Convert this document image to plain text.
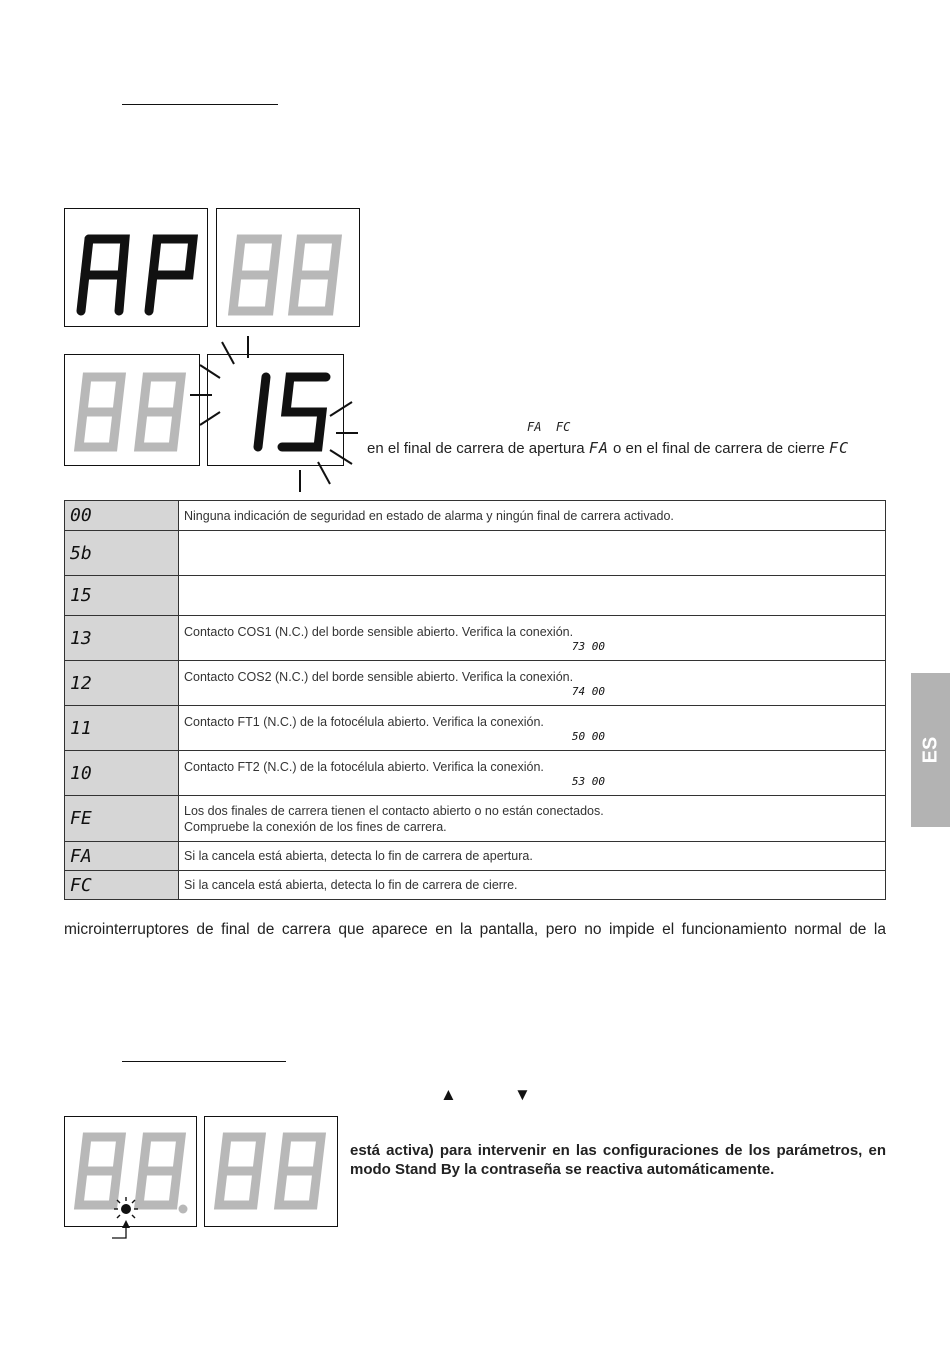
FA  FC
en el final de carrera de apertura FA o en el final de carrera de cierre FC
00	Ninguna indicación de seguridad en estado de alarma y ningún final de carrera activado.
5b	
15	
13	Contacto COS1 (N.C.) del borde sensible abierto. Verifica la conexión.
73 00

12	Contacto COS2 (N.C.) del borde sensible abierto. Verifica la conexión.
74 00

11	Contacto FT1 (N.C.) de la fotocélula abierto. Verifica la conexión.
50 00

10	Contacto FT2 (N.C.) de la fotocélula abierto. Verifica la conexión.
53 00

FE	Los dos finales de carrera tienen el contacto abierto o no están conectados.
Compruebe la conexión de los fines de carrera.
FA	Si la cancela está abierta, detecta lo fin de carrera de apertura.
FC	Si la cancela está abierta, detecta lo fin de carrera de cierre.
microinterruptores de final de carrera que aparece en la pantalla, pero no impide el funcionamiento normal de la
▲	▼
está activa) para intervenir en las configuraciones de los parámetros, en modo Stand By la contraseña se reactiva automáticamente.
ES
